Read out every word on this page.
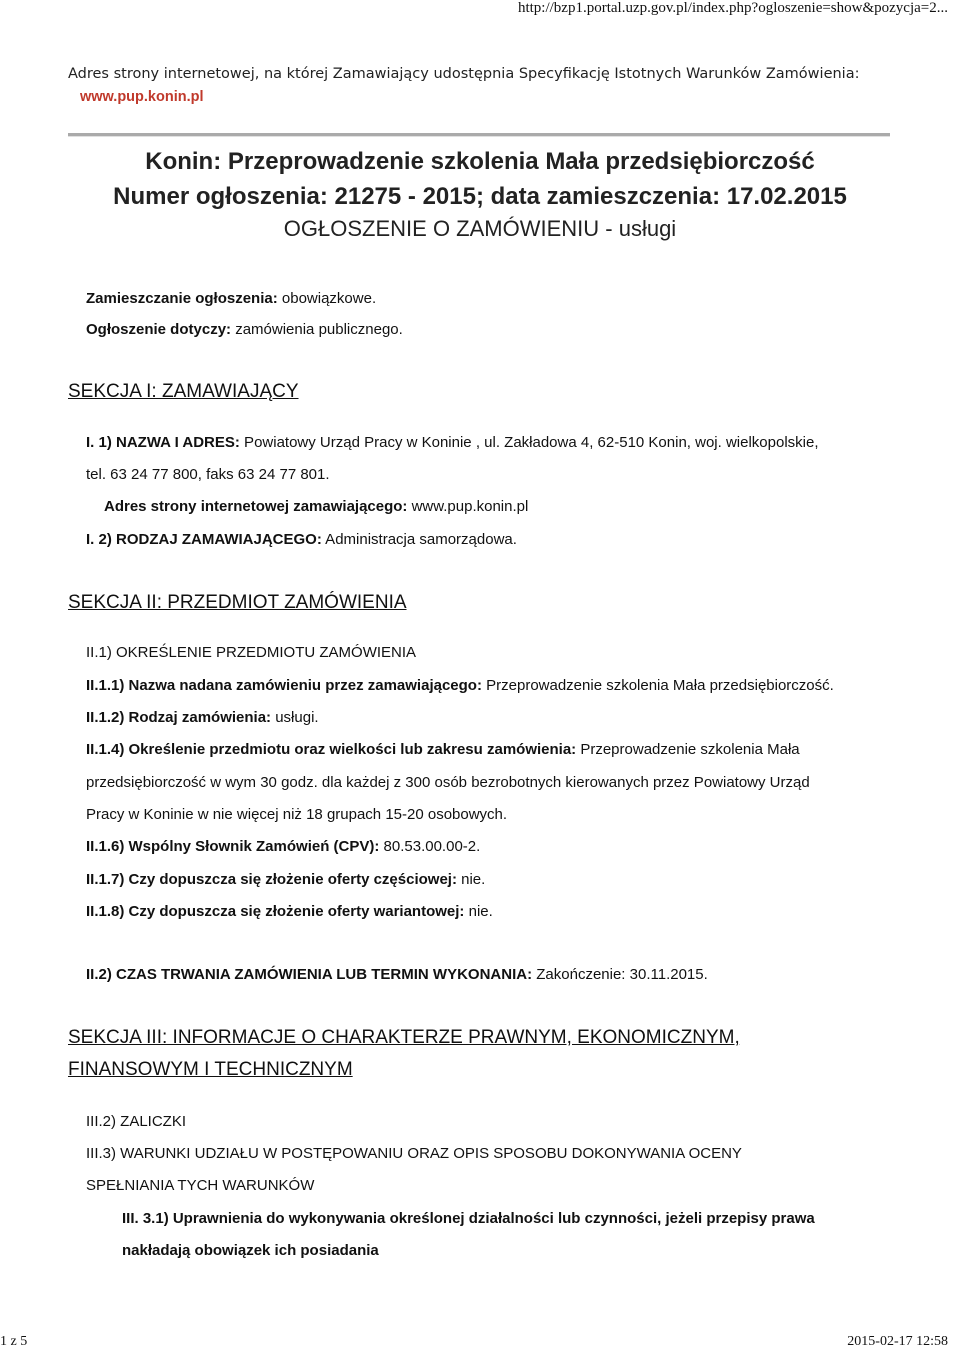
http://bzp1.portal.uzp.gov.pl/index.php?ogloszenie=show&pozycja=2...
Adres strony internetowej, na której Zamawiający udostępnia Specyfikację Istotnych Warunków Zamówienia:
www.pup.konin.pl
Konin: Przeprowadzenie szkolenia Mała przedsiębiorczość
Numer ogłoszenia: 21275 - 2015; data zamieszczenia: 17.02.2015
OGŁOSZENIE O ZAMÓWIENIU - usługi
Zamieszczanie ogłoszenia: obowiązkowe.
Ogłoszenie dotyczy: zamówienia publicznego.
SEKCJA I: ZAMAWIAJĄCY
I. 1) NAZWA I ADRES: Powiatowy Urząd Pracy w Koninie , ul. Zakładowa 4, 62-510 Konin, woj. wielkopolskie,
tel. 63 24 77 800, faks 63 24 77 801.
Adres strony internetowej zamawiającego: www.pup.konin.pl
I. 2) RODZAJ ZAMAWIAJĄCEGO: Administracja samorządowa.
SEKCJA II: PRZEDMIOT ZAMÓWIENIA
II.1) OKREŚLENIE PRZEDMIOTU ZAMÓWIENIA
II.1.1) Nazwa nadana zamówieniu przez zamawiającego: Przeprowadzenie szkolenia Mała przedsiębiorczość.
II.1.2) Rodzaj zamówienia: usługi.
II.1.4) Określenie przedmiotu oraz wielkości lub zakresu zamówienia: Przeprowadzenie szkolenia Mała
przedsiębiorczość w wym 30 godz. dla każdej z 300 osób bezrobotnych kierowanych przez Powiatowy Urząd
Pracy w Koninie w nie więcej niż 18 grupach 15-20 osobowych.
II.1.6) Wspólny Słownik Zamówień (CPV): 80.53.00.00-2.
II.1.7) Czy dopuszcza się złożenie oferty częściowej: nie.
II.1.8) Czy dopuszcza się złożenie oferty wariantowej: nie.
II.2) CZAS TRWANIA ZAMÓWIENIA LUB TERMIN WYKONANIA: Zakończenie: 30.11.2015.
SEKCJA III: INFORMACJE O CHARAKTERZE PRAWNYM, EKONOMICZNYM,
FINANSOWYM I TECHNICZNYM
III.2) ZALICZKI
III.3) WARUNKI UDZIAŁU W POSTĘPOWANIU ORAZ OPIS SPOSOBU DOKONYWANIA OCENY
SPEŁNIANIA TYCH WARUNKÓW
III. 3.1) Uprawnienia do wykonywania określonej działalności lub czynności, jeżeli przepisy prawa
nakładają obowiązek ich posiadania
1 z 5	2015-02-17 12:58
